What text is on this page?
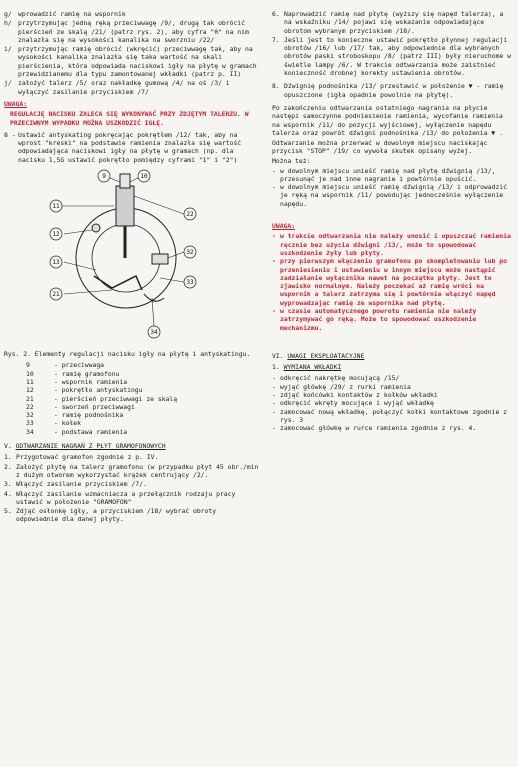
g/ wprowadzić ramię na wspornik
h/ przytrzymując jedną ręką przeciwwagę /9/, drugą tak obrócić pierścień ze skalą /21/ (patrz rys. 2), aby cyfra "0" na nim znalazła się na wysokości kanalika na sworzniu /22/
i/ przytrzymując ramię obrócić (wkręcić) przeciwwagę tak, aby na wysokości kanalika znalazła się taka wartość na skali pierścienia, która odpowiada naciskowi igły na płytę w gramach przewidzianemu dla typu zamontowanej wkładki (patrz p. II)
j/ założyć talerz /5/ oraz nakładkę gumową /4/ na oś /3/ i wyłączyć zasilanie przyciskiem /7/
UWAGA:
REGULACJĘ NACISKU ZALECA SIĘ WYKONYWAĆ PRZY ZDJĘTYM TALERZU. W PRZECIWNYM WYPADKU MOŻNA USZKODZIĆ IGŁĘ.
8 - Ustawić antyskating pokręcając pokrętłem /12/ tak, aby na wprost "kreski" na podstawie ramienia znalazła się wartość odpowiadająca naciskowi igły na płytę w gramach (np. dla nacisku 1,5G ustawić pokrętło pomiędzy cyframi "1" i "2")
9	10
11
12
13
21
22
32
33
34
Rys. 2. Elementy regulacji nacisku igły na płytę i antyskatingu.
9	- przeciwwaga
10	- ramię gramofonu
11	- wspornik ramienia
12	- pokrętło antyskatingu
21	- pierścień przeciwwagi ze skalą
22	- sworzeń przeciwwagi
32	- ramię podnośnika
33	- kołek
34	- podstawa ramienia
V. ODTWARZANIE NAGRAŃ Z PŁYT GRAMOFONOWYCH
1. Przygotować gramofon zgodnie z p. IV.
2. Założyć płytę na talerz gramofonu (w przypadku płyt 45 obr./min z dużym otworem wykorzystać krążek centrujący /2/.
3. Włączyć zasilanie przyciskiem /7/.
4. Włączyć zasilanie wzmacniacza a przełącznik rodzaju pracy ustawić w położenie "GRAMOFON"
5. Zdjąć osłonkę igły, a przyciskiem /18/ wybrać obroty odpowiednie dla danej płyty.
6. Naprowadzić ramię nad płytę (wyższy się napęd talerza), a na wskaźniku /14/ pojawi się wskazanie odpowiadające obrotom wybranym przyciskiem /18/.
7. Jeśli jest to konieczne ustawić pokrętło płynnej regulacji obrotów /16/ lub /17/ tak, aby odpowiednie dla wybranych obrotów paski stroboskopu /8/ (patrz III) były nieruchome w świetle lampy /6/. W trakcie odtwarzania może zaistnieć konieczność drobnej korekty ustawienia obrotów.
8. Dźwignię podnośnika /13/ przestawić w położenie ▼ - ramię opuszczone (igła opadnie powolnie na płytę).

Po zakończeniu odtwarzania ostatniego nagrania na płycie następi samoczynne podniesienie ramienia, wycofanie ramienia na wspornik /11/ do pozycji wyjściowej, wyłączenie napędu talerza oraz powrót dźwigni podnośnika /13/ do położenia ▼ .

Odtwarzanie można przerwać w dowolnym miejscu naciskając przycisk "STOP" /19/ co wywoła skutek opisany wyżej.

Można też:

- w dowolnym miejscu unieść ramię nad płytę dźwignią /13/, przesunąć je nad inne nagranie i powtórnie opuścić.
- w dowolnym miejscu unieść ramię dźwignią /13/ i odprowadzić je ręką na wspornik /11/ powodując jednocześnie wyłączenie napędu.
UWAGA:
- w trakcie odtwarzania nie należy unosić i opuszczać ramienia ręcznie bez użycia dźwigni /13/, może to spowodować uszkodzenie żyły lub płyty.
- przy pierwszym włączeniu gramofonu po skompletowaniu lub po przeniesieniu i ustawieniu w innym miejscu może nastąpić zadziałanie wyłącznika nawet na początku płyty. Jest to zjawisko normalnym. Należy poczekać aż ramię wróci na wspornik a talerz zatrzyma się i powtórnie włączyć napęd wyprowadzając ramię ze wspornika nad płytę.
- w czasie automatycznego powrotu ramienia nie należy zatrzymywać go ręką. Może to spowodować uszkodzenie mechanizmu.
VI. UWAGI EKSPLOATACYJNE
1. WYMIANA WKŁADKI
- odkręcić nakrętkę mocującą /15/
- wyjąć główkę /29/ z rurki ramienia
- zdjąć końcówki kontaktów z kołków wkładki
- odkręcić wkręty mocujące i wyjąć wkładkę
- zamocować nową wkładkę, połączyć kołki kontaktowe zgodnie z rys. 3
- zamocować główkę w rurce ramienia zgodnie z rys. 4.
